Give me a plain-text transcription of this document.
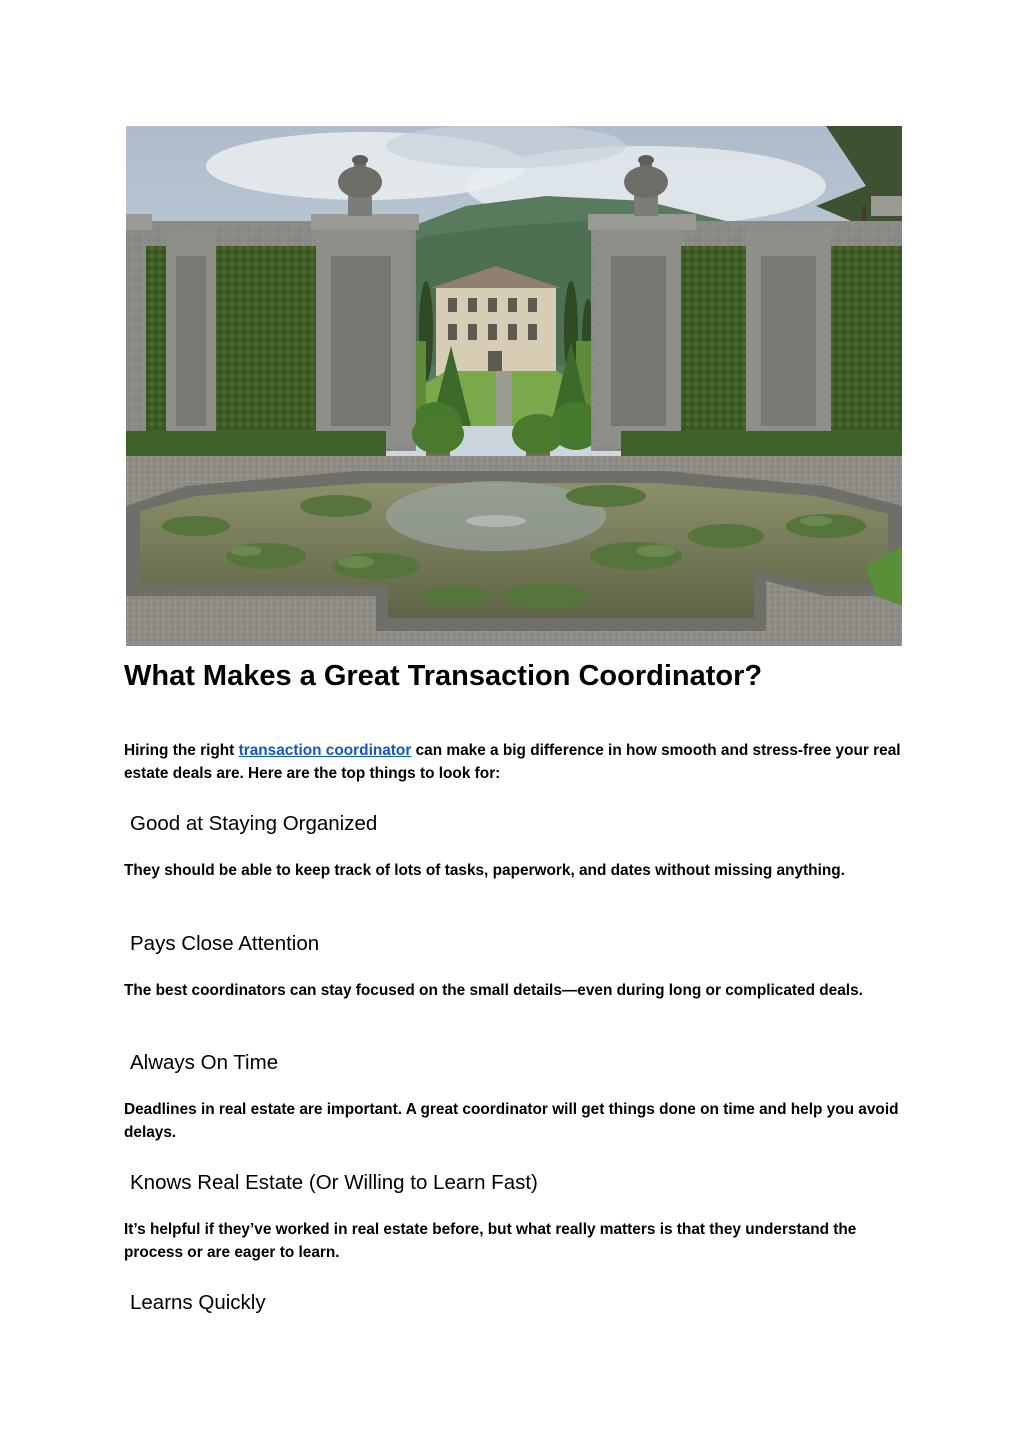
What Makes a Great Transaction Coordinator?

Hiring the right transaction coordinator can make a big difference in how smooth and stress-free your real estate deals are. Here are the top things to look for:

Good at Staying Organized

They should be able to keep track of lots of tasks, paperwork, and dates without missing anything.

Pays Close Attention

The best coordinators can stay focused on the small details—even during long or complicated deals.

Always On Time

Deadlines in real estate are important. A great coordinator will get things done on time and help you avoid delays.

Knows Real Estate (Or Willing to Learn Fast)

It’s helpful if they’ve worked in real estate before, but what really matters is that they understand the process or are eager to learn.

Learns Quickly
